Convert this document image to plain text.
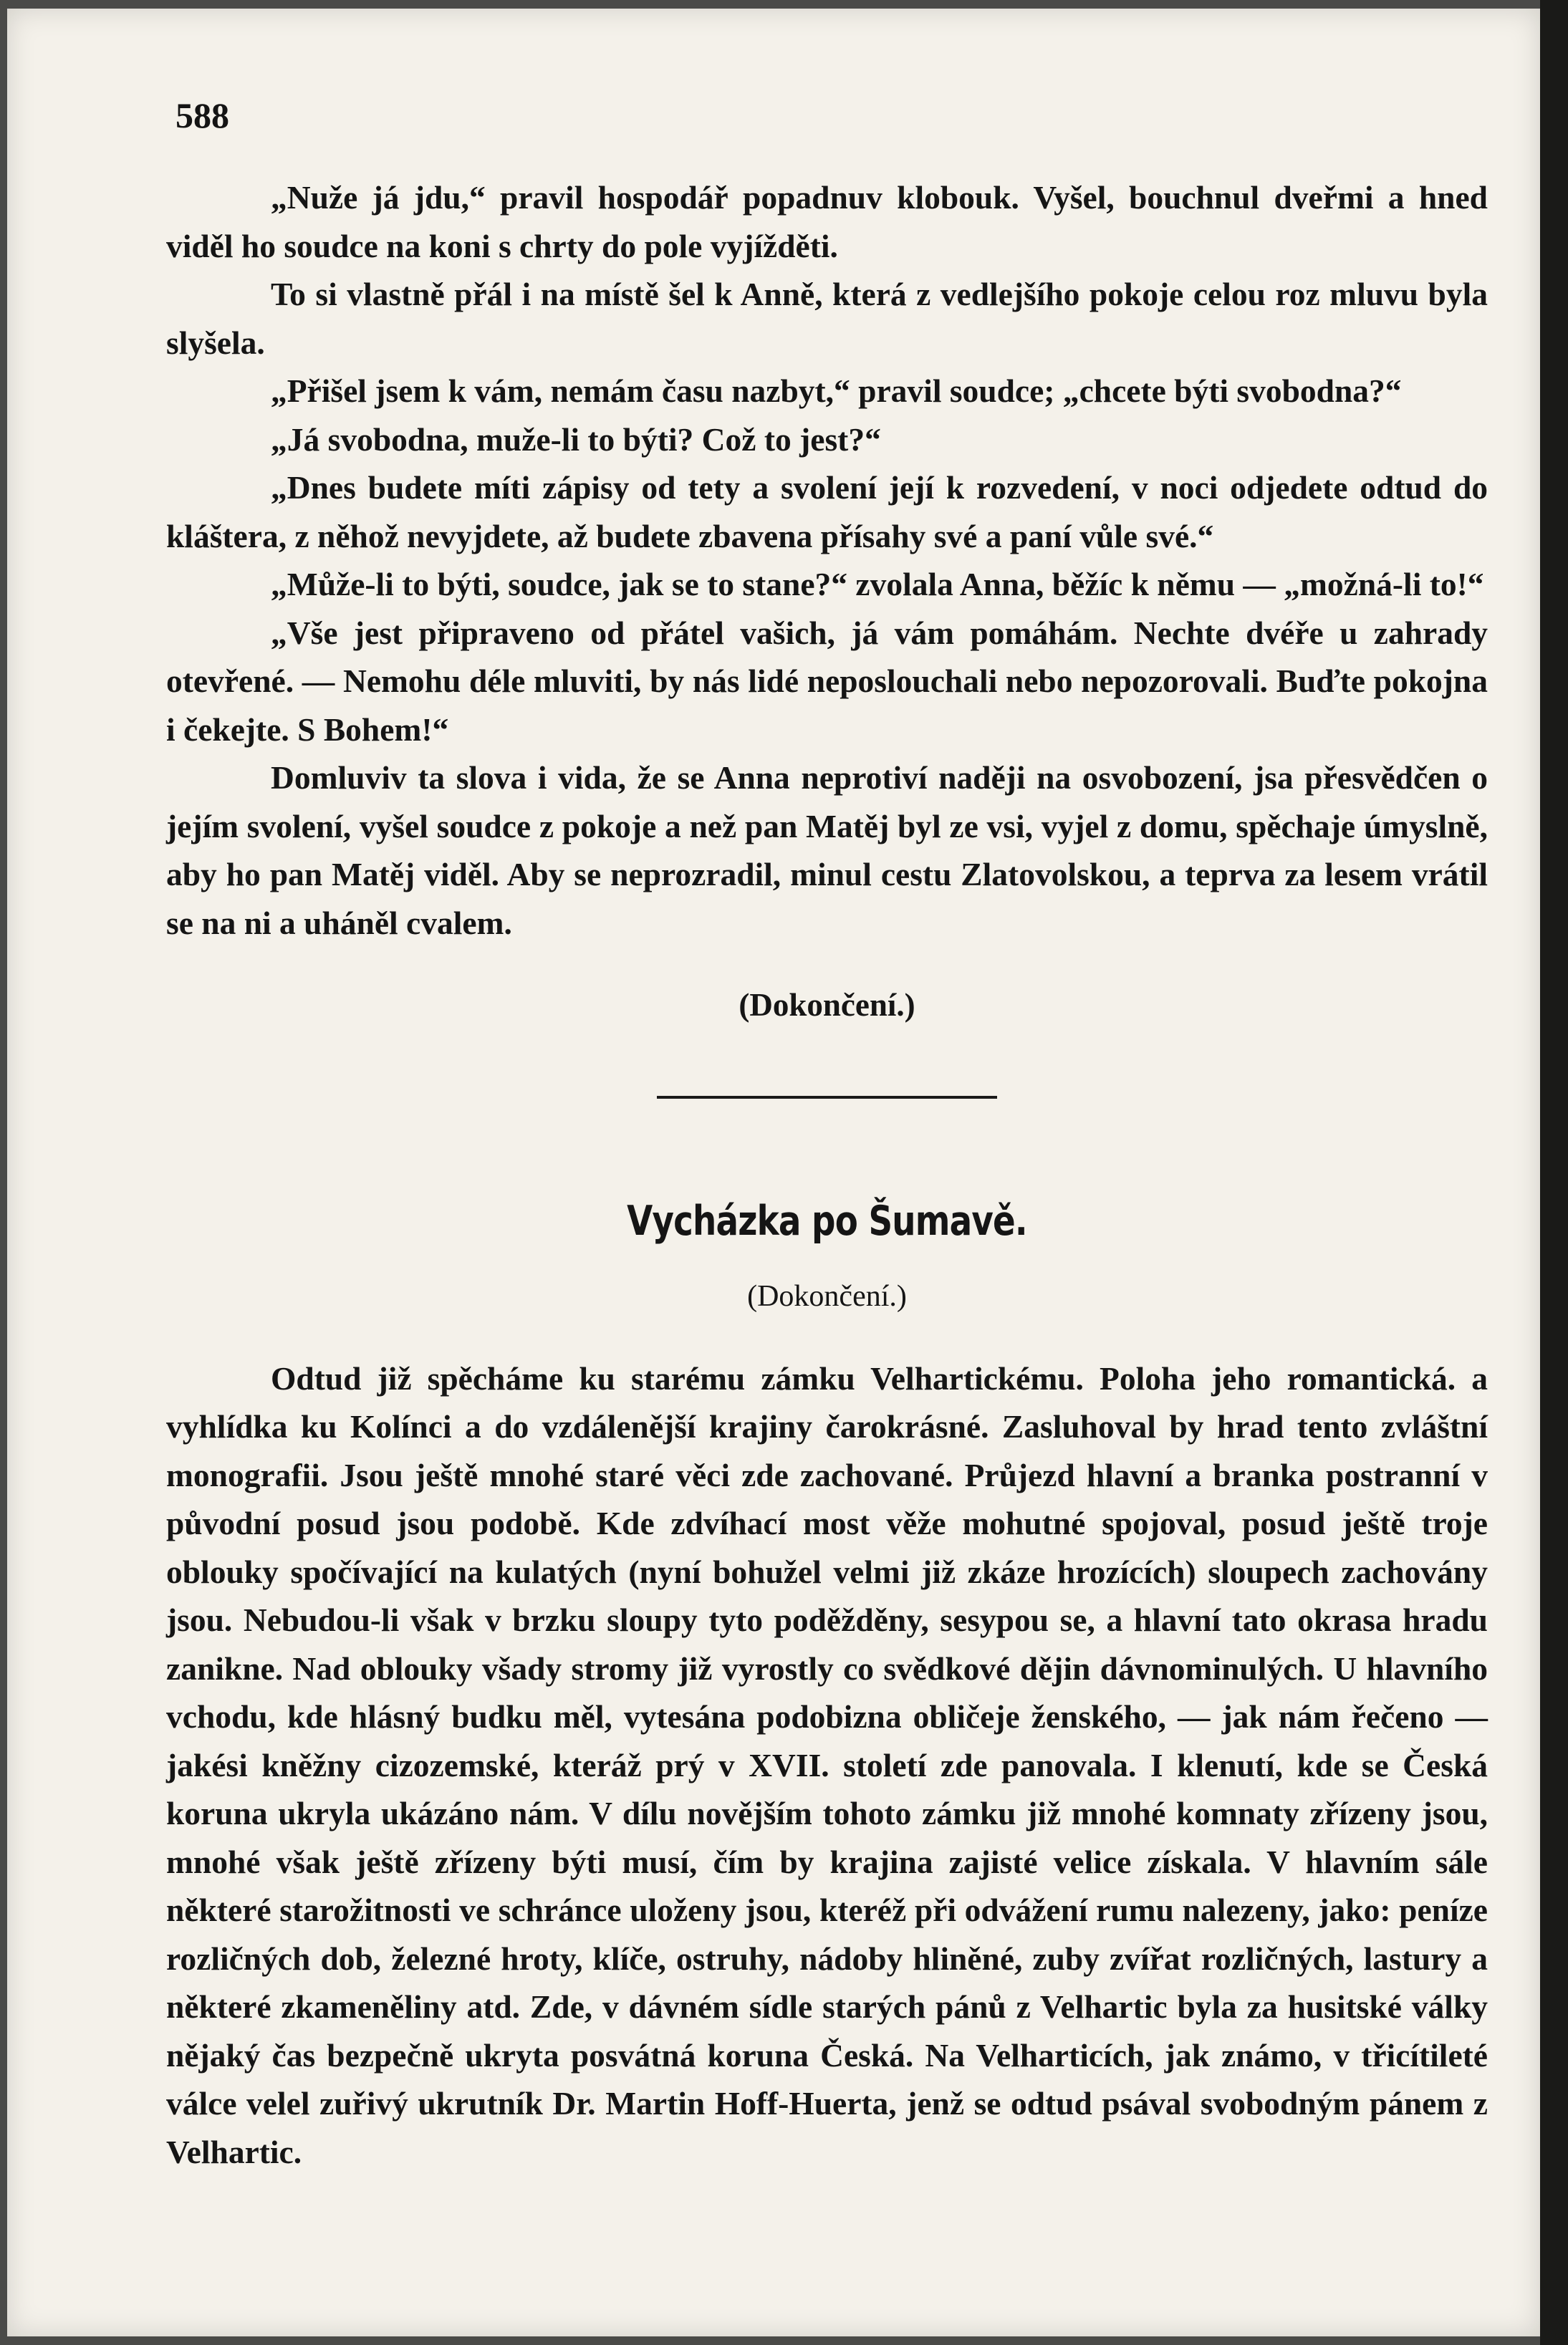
588

„Nuže já jdu,“ pravil hospodář popadnuv klobouk. Vyšel, bouchnul dveřmi a hned viděl ho soudce na koni s chrty do pole vyjížděti.

To si vlastně přál i na místě šel k Anně, která z vedlejšího pokoje celou roz mluvu byla slyšela.

„Přišel jsem k vám, nemám času nazbyt,“ pravil soudce; „chcete býti svobodna?“

„Já svobodna, muže-li to býti? Což to jest?“

„Dnes budete míti zápisy od tety a svolení její k rozvedení, v noci odjedete odtud do kláštera, z něhož nevyjdete, až budete zbavena přísahy své a paní vůle své.“

„Může-li to býti, soudce, jak se to stane?“ zvolala Anna, běžíc k němu — „možná-li to!“

„Vše jest připraveno od přátel vašich, já vám pomáhám. Nechte dvéře u zahrady otevřené. — Nemohu déle mluviti, by nás lidé neposlouchali nebo nepozorovali. Buďte pokojna i čekejte. S Bohem!“

Domluviv ta slova i vida, že se Anna neprotiví naději na osvobození, jsa přesvědčen o jejím svolení, vyšel soudce z pokoje a než pan Matěj byl ze vsi, vyjel z domu, spěchaje úmyslně, aby ho pan Matěj viděl. Aby se neprozradil, minul cestu Zlatovolskou, a teprva za lesem vrátil se na ni a uháněl cvalem.

(Dokončení.)
Vycházka po Šumavě.
(Dokončení.)

Odtud již spěcháme ku starému zámku Velhartickému. Poloha jeho romantická. a vyhlídka ku Kolínci a do vzdálenější krajiny čarokrásné. Zasluhoval by hrad tento zvláštní monografii. Jsou ještě mnohé staré věci zde zachované. Průjezd hlavní a branka postranní v původní posud jsou podobě. Kde zdvíhací most věže mohutné spojoval, posud ještě troje oblouky spočívající na kulatých (nyní bohužel velmi již zkáze hrozících) sloupech zachovány jsou. Nebudou-li však v brzku sloupy tyto poděžděny, sesypou se, a hlavní tato okrasa hradu zanikne. Nad oblouky všady stromy již vyrostly co svědkové dějin dávnominulých. U hlavního vchodu, kde hlásný budku měl, vytesána podobizna obličeje ženského, — jak nám řečeno — jakési kněžny cizozemské, kteráž prý v XVII. století zde panovala. I klenutí, kde se Česká koruna ukryla ukázáno nám. V dílu novějším tohoto zámku již mnohé komnaty zřízeny jsou, mnohé však ještě zřízeny býti musí, čím by krajina zajisté velice získala. V hlavním sále některé starožitnosti ve schránce uloženy jsou, kteréž při odvážení rumu nalezeny, jako: peníze rozličných dob, železné hroty, klíče, ostruhy, nádoby hliněné, zuby zvířat rozličných, lastury a některé zkameněliny atd. Zde, v dávném sídle starých pánů z Velhartic byla za husitské války nějaký čas bezpečně ukryta posvátná koruna Česká. Na Velharticích, jak známo, v třicítileté válce velel zuřivý ukrutník Dr. Martin Hoff-Huerta, jenž se odtud psával svobodným pánem z Velhartic.
